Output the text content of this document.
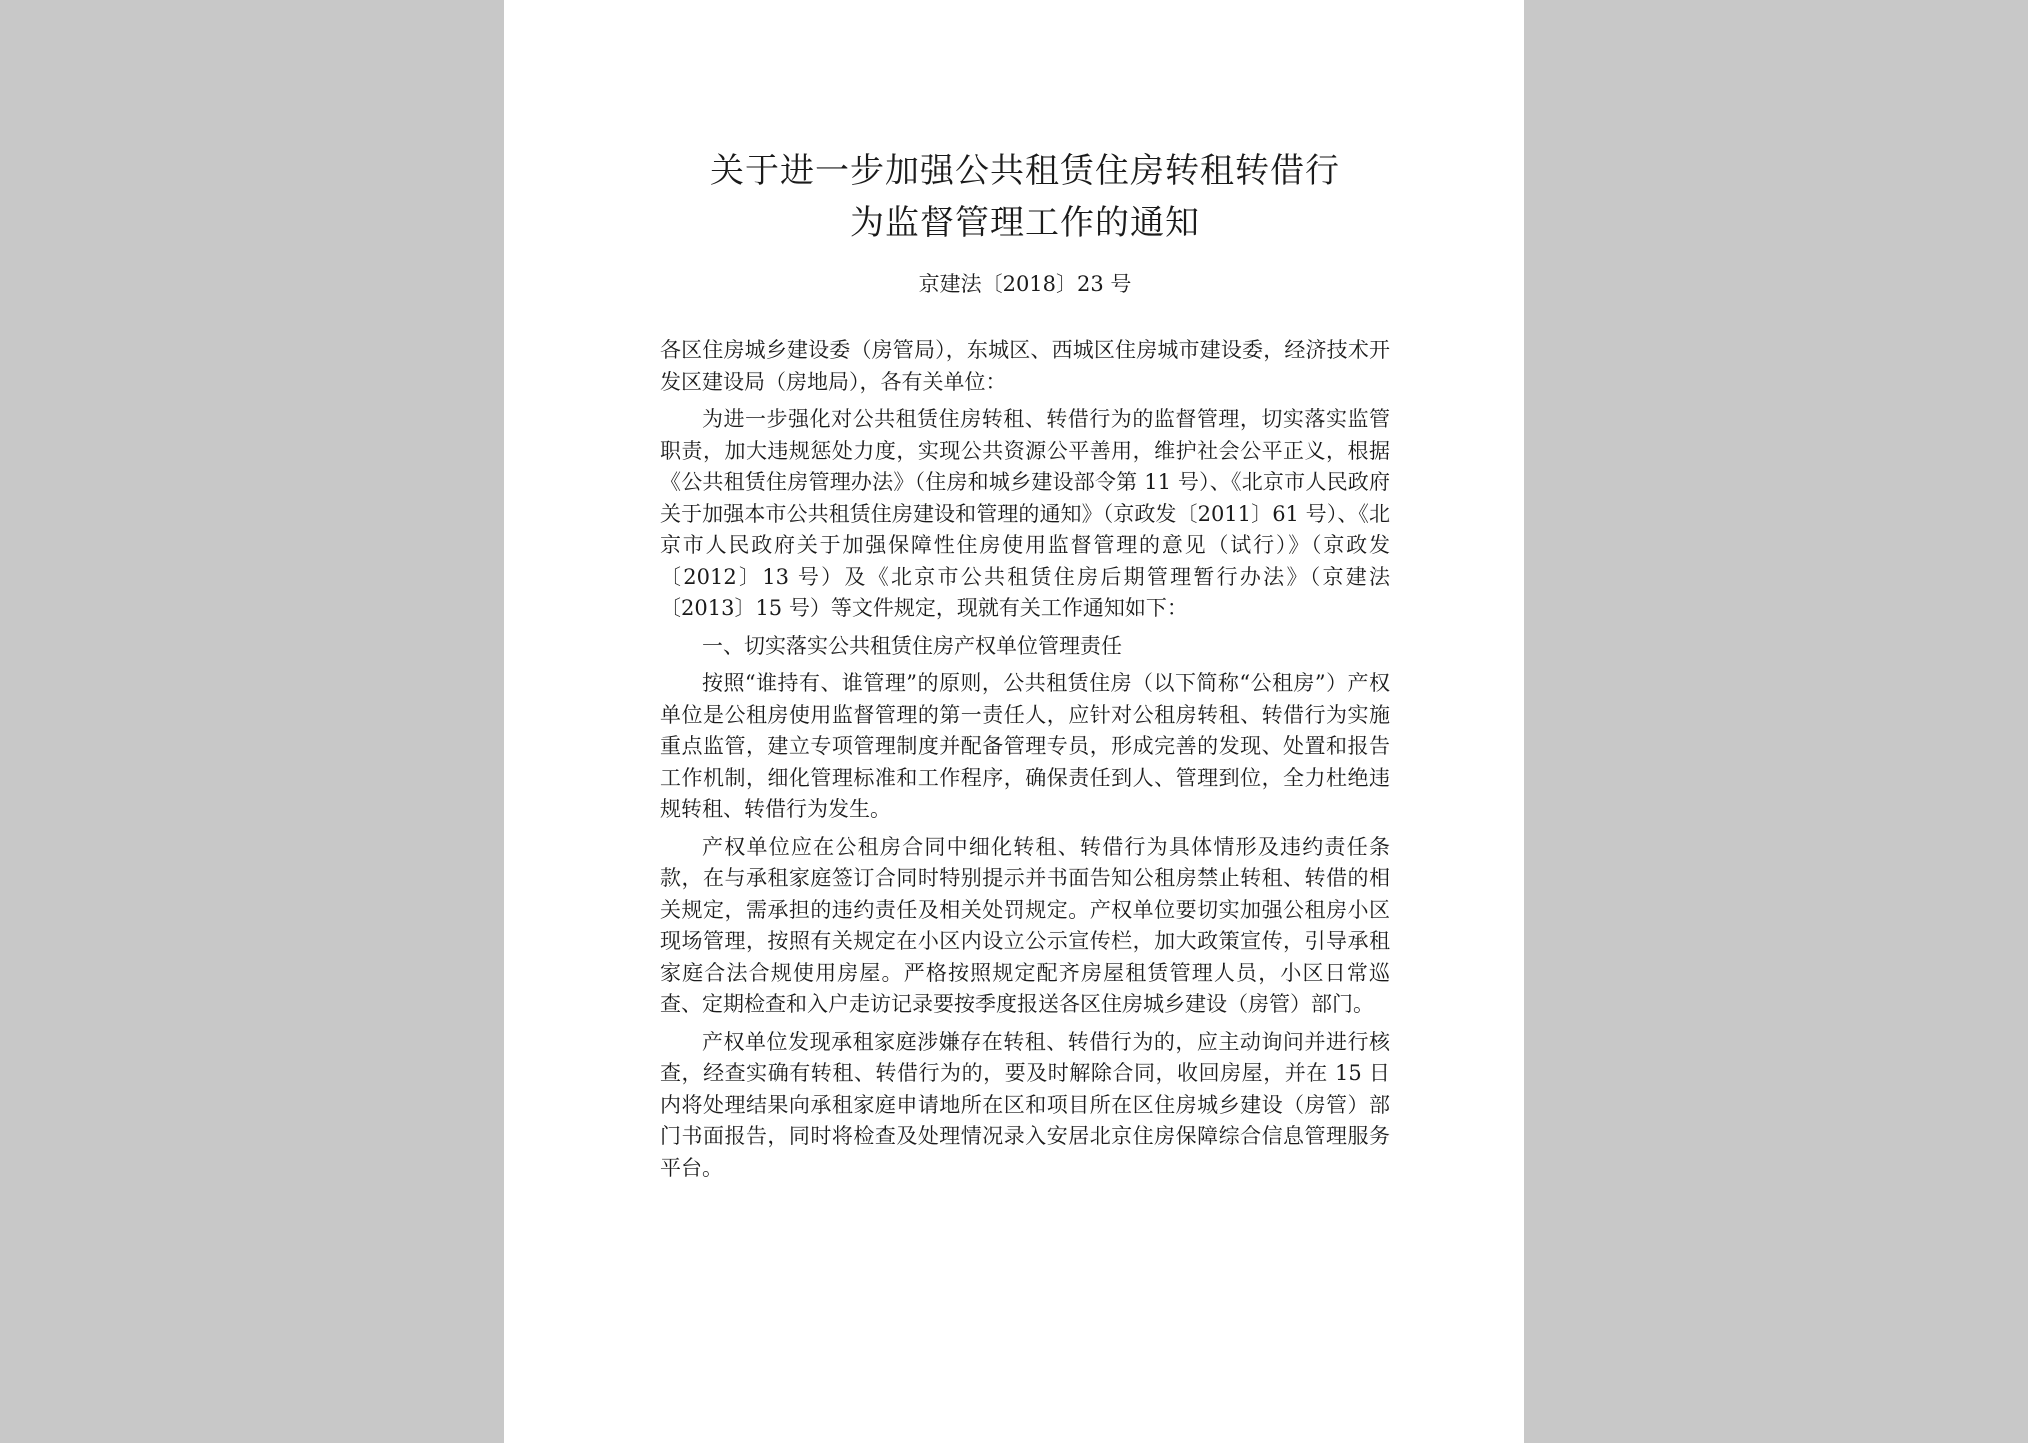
关于进一步加强公共租赁住房转租转借行
为监督管理工作的通知
京建法〔2018〕23 号

各区住房城乡建设委（房管局），东城区、西城区住房城市建设委，经济技术开发区建设局（房地局），各有关单位：

为进一步强化对公共租赁住房转租、转借行为的监督管理，切实落实监管职责，加大违规惩处力度，实现公共资源公平善用，维护社会公平正义，根据《公共租赁住房管理办法》（住房和城乡建设部令第 11 号）、《北京市人民政府关于加强本市公共租赁住房建设和管理的通知》（京政发〔2011〕61 号）、《北京市人民政府关于加强保障性住房使用监督管理的意见（试行）》（京政发〔2012〕13 号）及《北京市公共租赁住房后期管理暂行办法》（京建法〔2013〕15 号）等文件规定，现就有关工作通知如下：

一、切实落实公共租赁住房产权单位管理责任

按照“谁持有、谁管理”的原则，公共租赁住房（以下简称“公租房”）产权单位是公租房使用监督管理的第一责任人，应针对公租房转租、转借行为实施重点监管，建立专项管理制度并配备管理专员，形成完善的发现、处置和报告工作机制，细化管理标准和工作程序，确保责任到人、管理到位，全力杜绝违规转租、转借行为发生。

产权单位应在公租房合同中细化转租、转借行为具体情形及违约责任条款，在与承租家庭签订合同时特别提示并书面告知公租房禁止转租、转借的相关规定，需承担的违约责任及相关处罚规定。产权单位要切实加强公租房小区现场管理，按照有关规定在小区内设立公示宣传栏，加大政策宣传，引导承租家庭合法合规使用房屋。严格按照规定配齐房屋租赁管理人员，小区日常巡查、定期检查和入户走访记录要按季度报送各区住房城乡建设（房管）部门。

产权单位发现承租家庭涉嫌存在转租、转借行为的，应主动询问并进行核查，经查实确有转租、转借行为的，要及时解除合同，收回房屋，并在 15 日内将处理结果向承租家庭申请地所在区和项目所在区住房城乡建设（房管）部门书面报告，同时将检查及处理情况录入安居北京住房保障综合信息管理服务平台。
